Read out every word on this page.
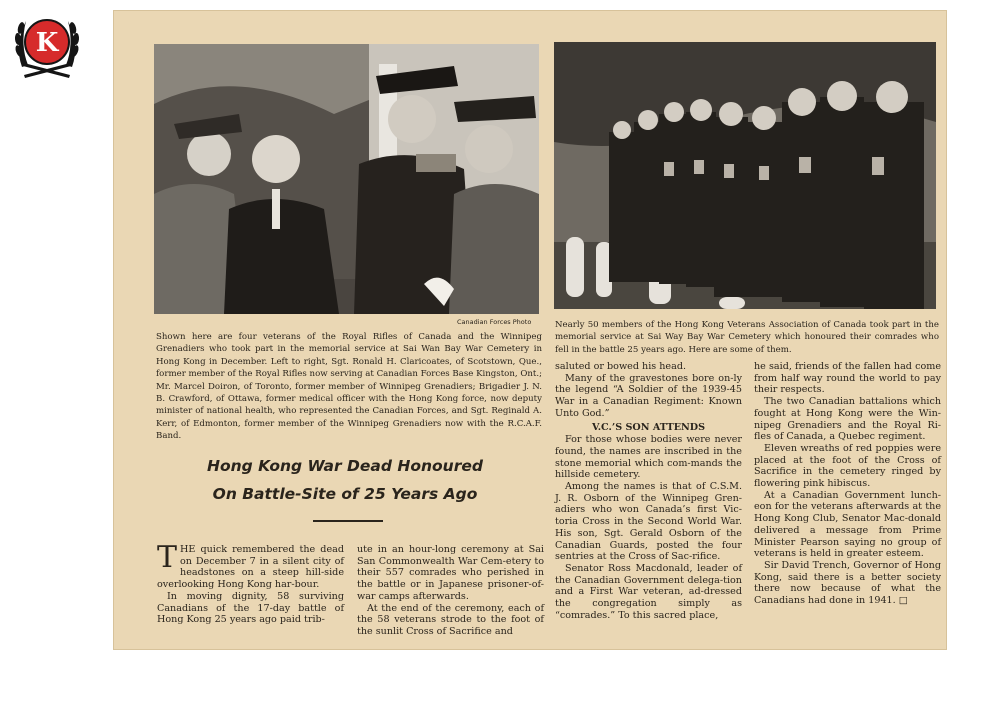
K
Canadian Forces Photo
Shown here are four veterans of the Royal Rifles of Canada and the Winnipeg Grenadiers who took part in the memorial service at Sai Wan Bay War Cemetery in Hong Kong in December. Left to right, Sgt. Ronald H. Claricoates, of Scotstown, Que., former member of the Royal Rifles now serving at Canadian Forces Base Kingston, Ont.; Mr. Marcel Doiron, of Toronto, former member of Winnipeg Grenadiers; Brigadier J. N. B. Crawford, of Ottawa, former medical officer with the Hong Kong force, now deputy minister of national health, who represented the Canadian Forces, and Sgt. Reginald A. Kerr, of Edmonton, former member of the Winnipeg Grenadiers now with the R.C.A.F. Band.
Nearly 50 members of the Hong Kong Veterans Association of Canada took part in the memorial service at Sai Way Bay War Cemetery which honoured their comrades who fell in the battle 25 years ago. Here are some of them.
Hong Kong War Dead Honoured
On Battle-Site of 25 Years Ago

THE quick remembered the dead on December 7 in a silent city of headstones on a steep hill-side overlooking Hong Kong har-bour.

In moving dignity, 58 surviving Canadians of the 17-day battle of Hong Kong 25 years ago paid trib-

ute in an hour-long ceremony at Sai San Commonwealth War Cem-etery to their 557 comrades who perished in the battle or in Japanese prisoner-of-war camps afterwards.

At the end of the ceremony, each of the 58 veterans strode to the foot of the sunlit Cross of Sacrifice and

saluted or bowed his head.

Many of the gravestones bore on-ly the legend “A Soldier of the 1939-45 War in a Canadian Regiment: Known Unto God.”

V.C.’S SON ATTENDS

For those whose bodies were never found, the names are inscribed in the stone memorial which com-mands the hillside cemetery.

Among the names is that of C.S.M. J. R. Osborn of the Winnipeg Gren-adiers who won Canada’s first Vic-toria Cross in the Second World War. His son, Sgt. Gerald Osborn of the Canadian Guards, posted the four sentries at the Cross of Sac-rifice.

Senator Ross Macdonald, leader of the Canadian Government delega-tion and a First War veteran, ad-dressed the congregation simply as “comrades.” To this sacred place,

he said, friends of the fallen had come from half way round the world to pay their respects.

The two Canadian battalions which fought at Hong Kong were the Win-nipeg Grenadiers and the Royal Ri-fles of Canada, a Quebec regiment.

Eleven wreaths of red poppies were placed at the foot of the Cross of Sacrifice in the cemetery ringed by flowering pink hibiscus.

At a Canadian Government lunch-eon for the veterans afterwards at the Hong Kong Club, Senator Mac-donald delivered a message from Prime Minister Pearson saying no group of veterans is held in greater esteem.

Sir David Trench, Governor of Hong Kong, said there is a better society there now because of what the Canadians had done in 1941. □
